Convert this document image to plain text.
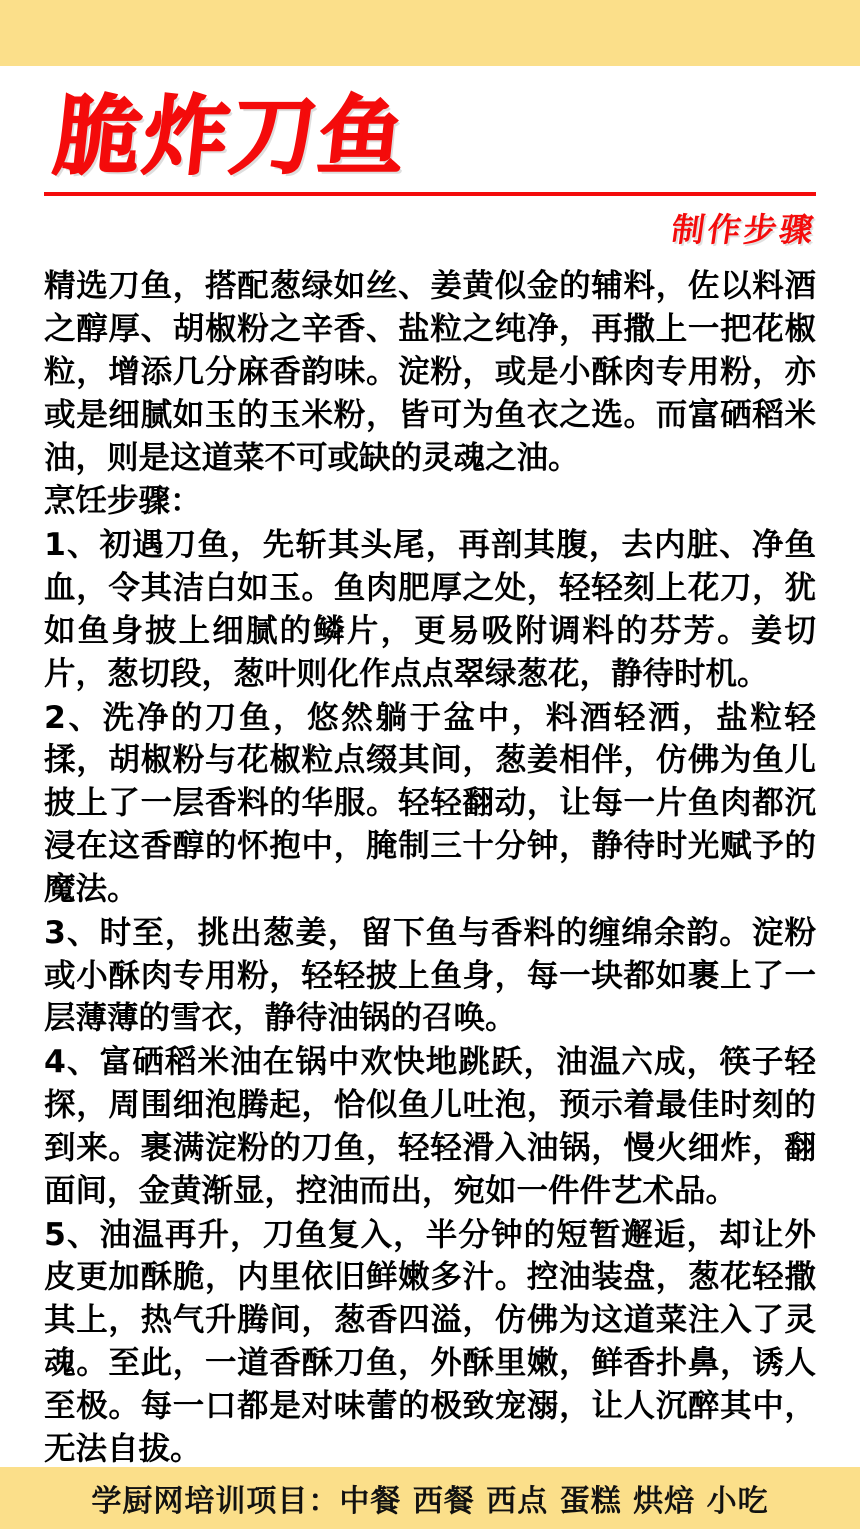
脆炸刀鱼
制作步骤

精选刀鱼，搭配葱绿如丝、姜黄似金的辅料，佐以料酒之醇厚、胡椒粉之辛香、盐粒之纯净，再撒上一把花椒粒，增添几分麻香韵味。淀粉，或是小酥肉专用粉，亦或是细腻如玉的玉米粉，皆可为鱼衣之选。而富硒稻米油，则是这道菜不可或缺的灵魂之油。

烹饪步骤：

1、初遇刀鱼，先斩其头尾，再剖其腹，去内脏、净鱼血，令其洁白如玉。鱼肉肥厚之处，轻轻刻上花刀，犹如鱼身披上细腻的鳞片，更易吸附调料的芬芳。姜切片，葱切段，葱叶则化作点点翠绿葱花，静待时机。

2、洗净的刀鱼，悠然躺于盆中，料酒轻洒，盐粒轻揉，胡椒粉与花椒粒点缀其间，葱姜相伴，仿佛为鱼儿披上了一层香料的华服。轻轻翻动，让每一片鱼肉都沉浸在这香醇的怀抱中，腌制三十分钟，静待时光赋予的魔法。

3、时至，挑出葱姜，留下鱼与香料的缠绵余韵。淀粉或小酥肉专用粉，轻轻披上鱼身，每一块都如裹上了一层薄薄的雪衣，静待油锅的召唤。

4、富硒稻米油在锅中欢快地跳跃，油温六成，筷子轻探，周围细泡腾起，恰似鱼儿吐泡，预示着最佳时刻的到来。裹满淀粉的刀鱼，轻轻滑入油锅，慢火细炸，翻面间，金黄渐显，控油而出，宛如一件件艺术品。

5、油温再升，刀鱼复入，半分钟的短暂邂逅，却让外皮更加酥脆，内里依旧鲜嫩多汁。控油装盘，葱花轻撒其上，热气升腾间，葱香四溢，仿佛为这道菜注入了灵魂。至此，一道香酥刀鱼，外酥里嫩，鲜香扑鼻，诱人至极。每一口都是对味蕾的极致宠溺，让人沉醉其中，无法自拔。

学厨网培训项目：中餐 西餐 西点 蛋糕 烘焙 小吃
